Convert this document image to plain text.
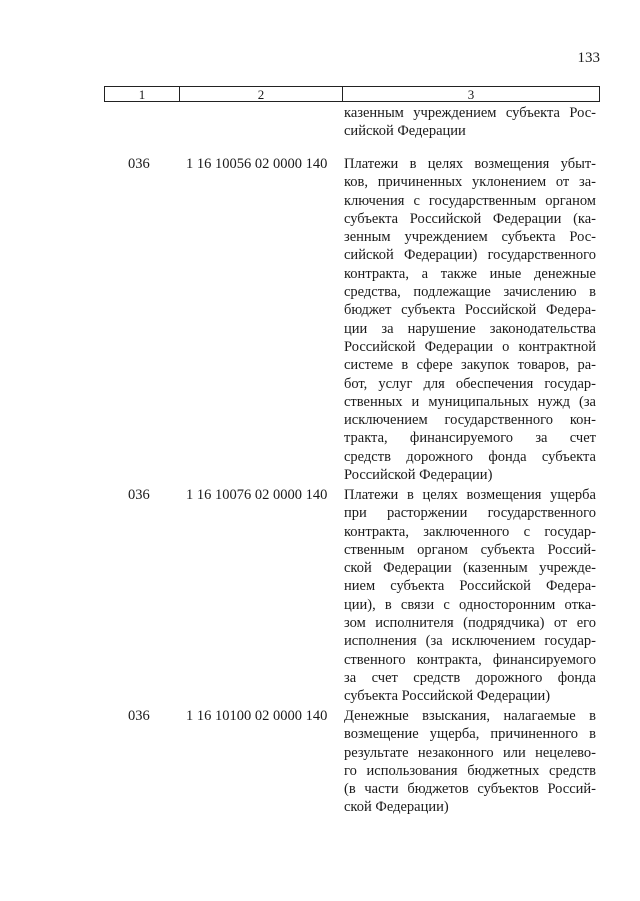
133
1	2	3
казенным учреждением субъекта Рос-
сийской Федерации
036	1 16 10056 02 0000 140 Платежи в целях возмещения убыт-
ков, причиненных уклонением от за-
ключения с государственным органом
субъекта Российской Федерации (ка-
зенным учреждением субъекта Рос-
сийской Федерации) государственного
контракта, а также иные денежные
средства, подлежащие зачислению в
бюджет субъекта Российской Федера-
ции за нарушение законодательства
Российской Федерации о контрактной
системе в сфере закупок товаров, ра-
бот, услуг для обеспечения государ-
ственных и муниципальных нужд (за
исключением государственного кон-
тракта, финансируемого за счет
средств дорожного фонда субъекта
Российской Федерации)
036	1 16 10076 02 0000 140 Платежи в целях возмещения ущерба
при расторжении государственного
контракта, заключенного с государ-
ственным органом субъекта Россий-
ской Федерации (казенным учрежде-
нием субъекта Российской Федера-
ции), в связи с односторонним отка-
зом исполнителя (подрядчика) от его
исполнения (за исключением государ-
ственного контракта, финансируемого
за счет средств дорожного фонда
субъекта Российской Федерации)
036	1 16 10100 02 0000 140 Денежные взыскания, налагаемые в
возмещение ущерба, причиненного в
результате незаконного или нецелево-
го использования бюджетных средств
(в части бюджетов субъектов Россий-
ской Федерации)
